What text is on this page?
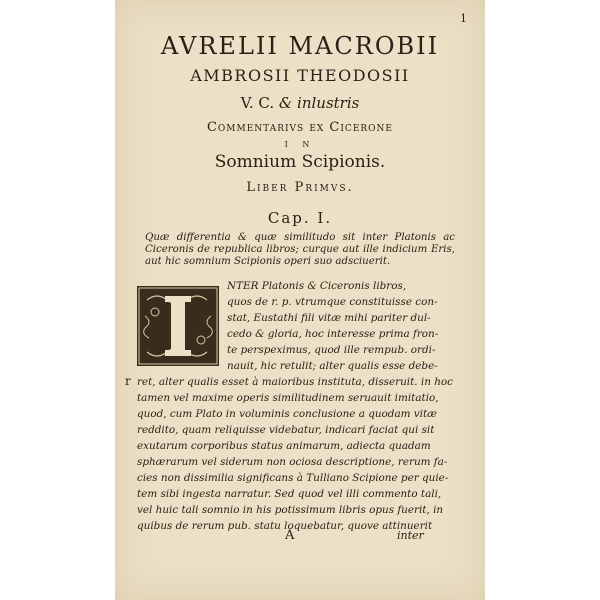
1
AVRELII MACROBII
AMBROSII THEODOSII
V. C. & inlustris
Commentarivs ex Cicerone
I N
Somnium Scipionis.
Liber Primvs.
Cap. I.
Quæ differentia & quæ similitudo sit inter Platonis ac Ciceronis de republica libros; curque aut ille indicium Eris, aut hic somnium Scipionis operi suo adsciuerit.
NTER Platonis & Ciceronis libros,
quos de r. p. vtrumque constituisse con-
stat, Eustathi fili vitæ mihi pariter dul-
cedo & gloria, hoc interesse prima fron-
te perspeximus, quod ille rempub. ordi-
nauit, hic retulit; alter qualis esse debe-
ret, alter qualis esset à maioribus instituta, disseruit. in hoc
tamen vel maxime operis similitudinem seruauit imitatio,
quod, cum Plato in voluminis conclusione a quodam vitæ
reddito, quam reliquisse videbatur, indicari faciat qui sit
exutarum corporibus status animarum, adiecta quadam
sphærarum vel siderum non ociosa descriptione, rerum fa-
cies non dissimilia significans à Tulliano Scipione per quie-
tem sibi ingesta narratur. Sed quod vel illi commento tali,
vel huic tali somnio in his potissimum libris opus fuerit, in
quibus de rerum pub. statu loquebatur, quove attinuerit
r
A	inter
